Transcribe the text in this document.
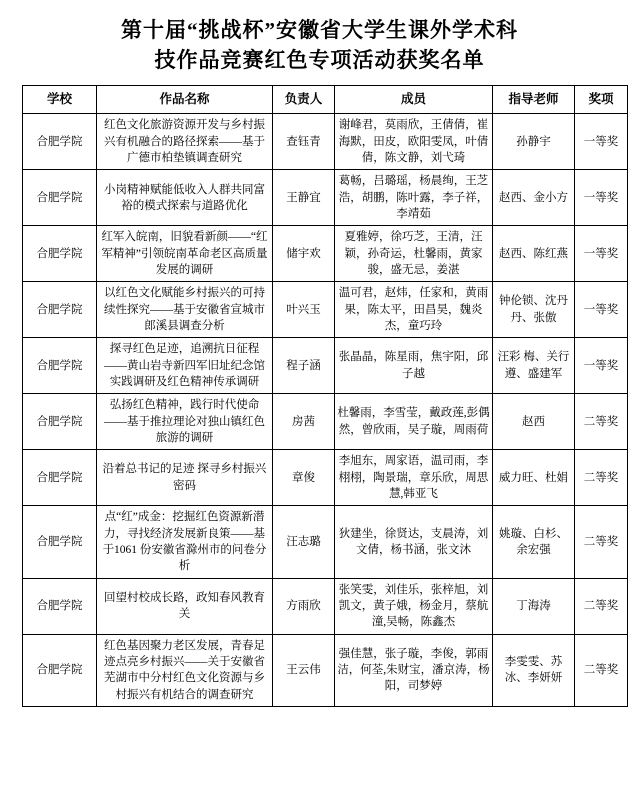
第十届“挑战杯”安徽省大学生课外学术科
技作品竞赛红色专项活动获奖名单
学校	作品名称	负责人	成员	指导老师	奖项
合肥学院	红色文化旅游资源开发与乡村振兴有机融合的路径探索——基于广德市柏垫镇调查研究	查钰青	谢峰君，莫雨欣，王倩倩，崔海默，田皮，欧阳雯凤，叶倩倩，陈文静，刘弋琦	孙静宇	一等奖
合肥学院	小岗精神赋能低收入人群共同富裕的模式探索与道路优化	王静宜	葛畅，吕璐瑶，杨晨绚，王芝浩，胡鹏，陈叶露，李子祥，李靖茹	赵西、金小方	一等奖
合肥学院	红军入皖南，旧貌看新颜——“红军精神”引领皖南革命老区高质量发展的调研	储宇欢	夏雅婷，徐巧芝，王清，汪颖，孙奇运，杜馨雨，黄家骏，盛无忌，姜湛	赵西、陈红燕	一等奖
合肥学院	以红色文化赋能乡村振兴的可持续性探究——基于安徽省宣城市郎溪县调查分析	叶兴玉	温可君，赵炜，任家和，黄雨果，陈太平，田昌昊，魏炎杰，童巧玲	钟伦锁、沈丹丹、张傲	一等奖
合肥学院	探寻红色足迹，追溯抗日征程——黄山岩寺新四军旧址纪念馆实践调研及红色精神传承调研	程子涵	张晶晶，陈星雨，焦宇阳，邱子越	汪彩 梅、关行遵、盛建军	一等奖
合肥学院	弘扬红色精神，践行时代使命——基于推拉理论对独山镇红色旅游的调研	房茜	杜馨雨，李雪莹，戴政莲,彭偶然，曾欣雨，吴子璇，周雨荷	赵西	二等奖
合肥学院	沿着总书记的足迹 探寻乡村振兴密码	章俊	李旭东，周家语，温司雨，李栩栩，陶景瑞，章乐欣，周思慧,韩亚飞	威力旺、杜娟	二等奖
合肥学院	点“红”成金：挖掘红色资源新潜力，寻找经济发展新良策——基于1061 份安徽省滁州市的问卷分析	汪志璐	狄建坐，徐贤达，支晨涛，刘文倩，杨书涵，张文沐	姚璇、白杉、余宏强	二等奖
合肥学院	回望村校成长路，政知春风教育关	方雨欣	张笑雯，刘佳乐，张梓旭，刘凯文，黄子娥，杨金月，蔡航潼,吴畅，陈鑫杰	丁海涛	二等奖
合肥学院	红色基因聚力老区发展，青春足迹点亮乡村振兴——关于安徽省芜湖市中分村红色文化资源与乡村振兴有机结合的调查研究	王云伟	强佳慧，张子璇，李俊，郭雨洁，何荃,朱财宝，潘京涛，杨阳，司梦婷	李雯雯、苏冰、李妍妍	二等奖
